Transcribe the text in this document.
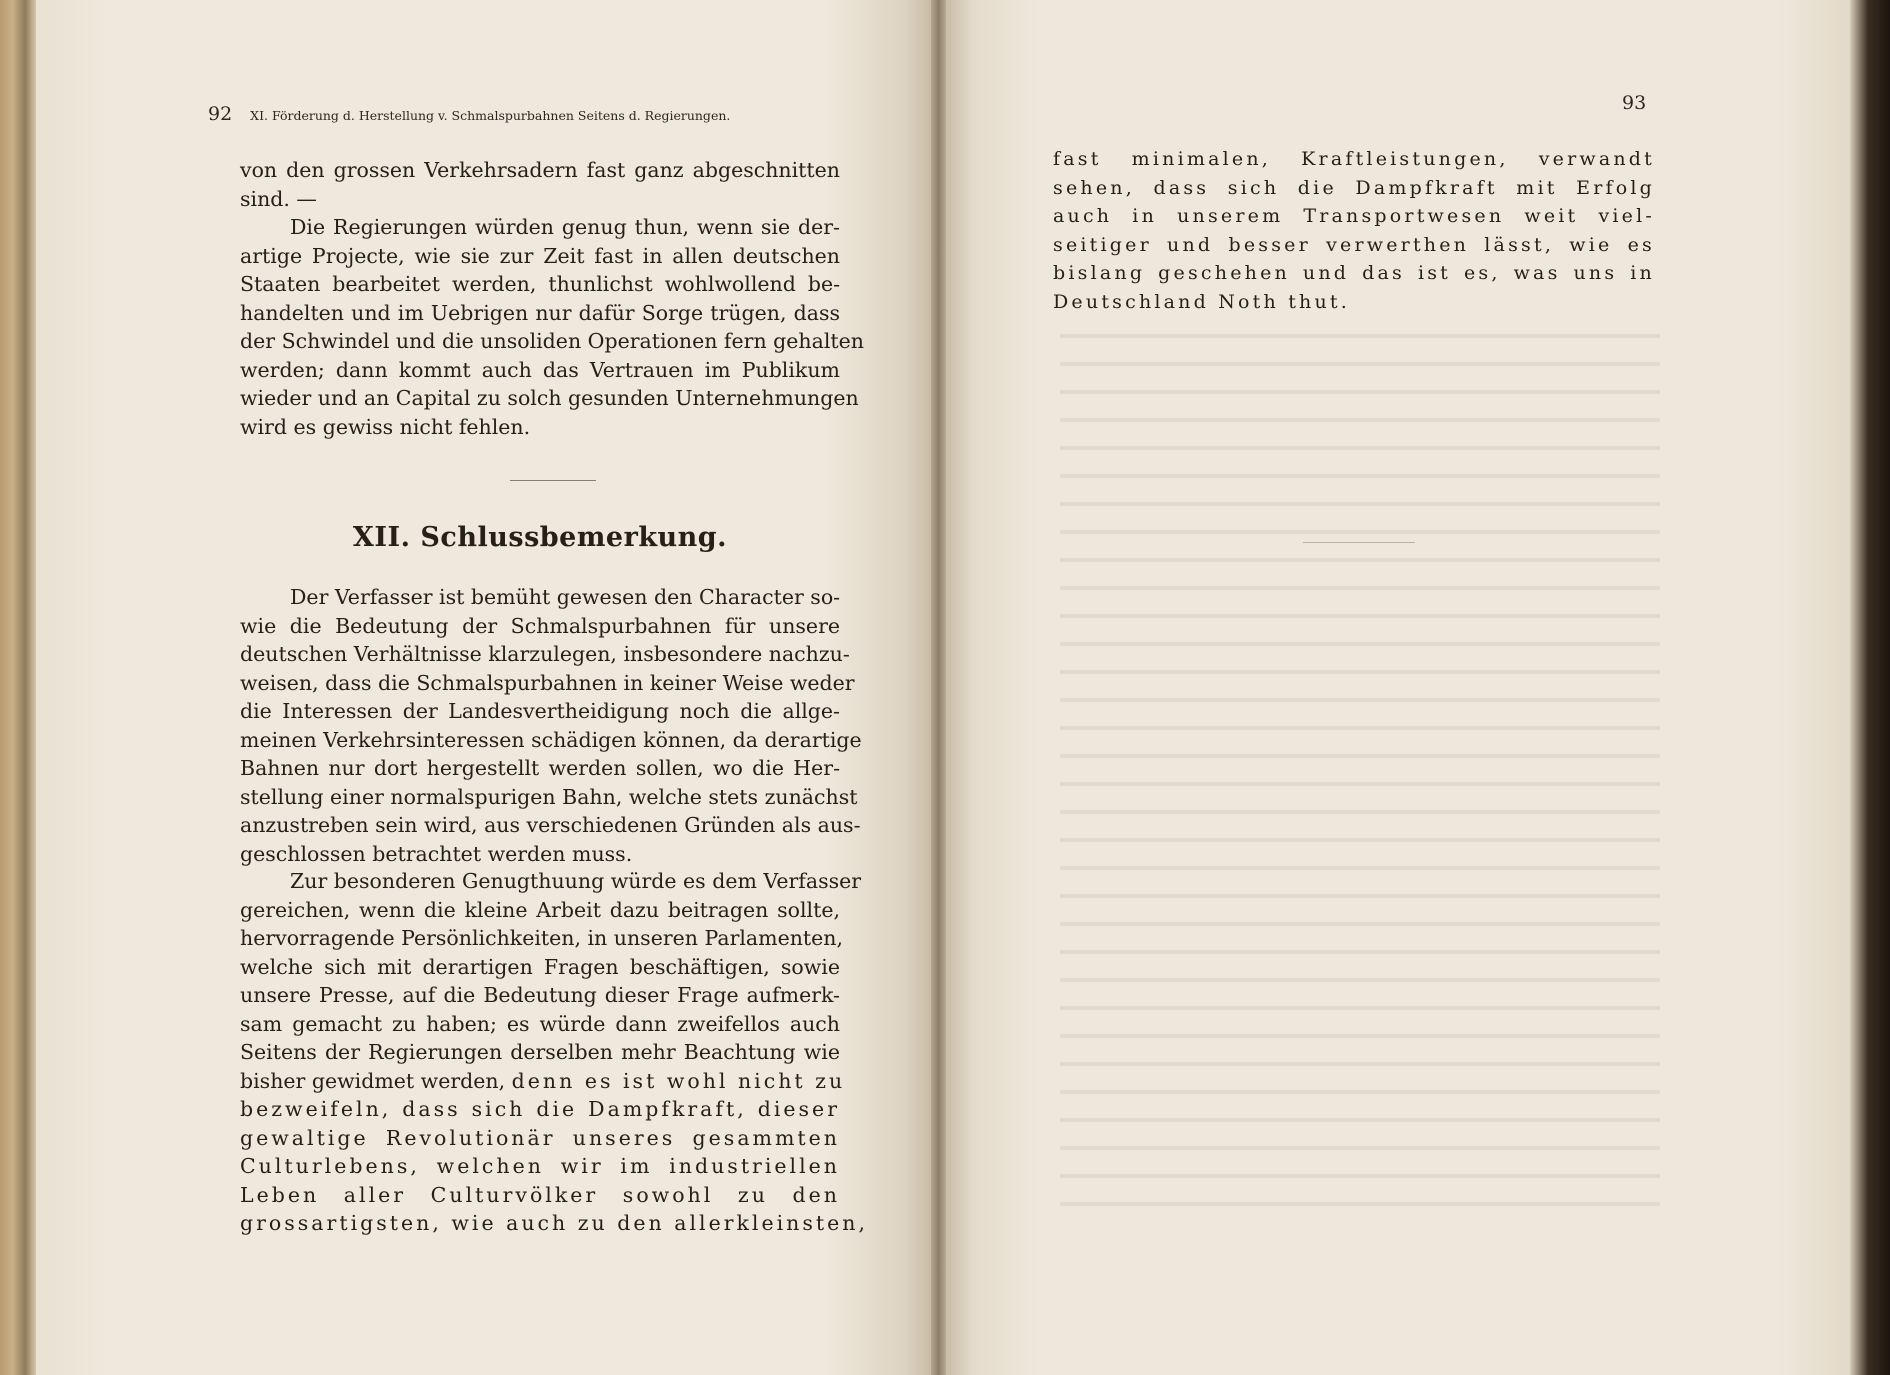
92 XI. Förderung d. Herstellung v. Schmalspurbahnen Seitens d. Regierungen.
von den grossen Verkehrsadern fast ganz abgeschnitten
sind. —
Die Regierungen würden genug thun, wenn sie der-
artige Projecte, wie sie zur Zeit fast in allen deutschen
Staaten bearbeitet werden, thunlichst wohlwollend be-
handelten und im Uebrigen nur dafür Sorge trügen, dass
der Schwindel und die unsoliden Operationen fern gehalten
werden; dann kommt auch das Vertrauen im Publikum
wieder und an Capital zu solch gesunden Unternehmungen
wird es gewiss nicht fehlen.
XII. Schlussbemerkung.
Der Verfasser ist bemüht gewesen den Character so-
wie die Bedeutung der Schmalspurbahnen für unsere
deutschen Verhältnisse klarzulegen, insbesondere nachzu-
weisen, dass die Schmalspurbahnen in keiner Weise weder
die Interessen der Landesvertheidigung noch die allge-
meinen Verkehrsinteressen schädigen können, da derartige
Bahnen nur dort hergestellt werden sollen, wo die Her-
stellung einer normalspurigen Bahn, welche stets zunächst
anzustreben sein wird, aus verschiedenen Gründen als aus-
geschlossen betrachtet werden muss.
Zur besonderen Genugthuung würde es dem Verfasser
gereichen, wenn die kleine Arbeit dazu beitragen sollte,
hervorragende Persönlichkeiten, in unseren Parlamenten,
welche sich mit derartigen Fragen beschäftigen, sowie
unsere Presse, auf die Bedeutung dieser Frage aufmerk-
sam gemacht zu haben; es würde dann zweifellos auch
Seitens der Regierungen derselben mehr Beachtung wie
bisher gewidmet werden, denn es ist wohl nicht zu
bezweifeln, dass sich die Dampfkraft, dieser
gewaltige Revolutionär unseres gesammten
Culturlebens, welchen wir im industriellen
Leben aller Culturvölker sowohl zu den
grossartigsten, wie auch zu den allerkleinsten,
93
fast minimalen, Kraftleistungen, verwandt
sehen, dass sich die Dampfkraft mit Erfolg
auch in unserem Transportwesen weit viel-
seitiger und besser verwerthen lässt, wie es
bislang geschehen und das ist es, was uns in
Deutschland Noth thut.
